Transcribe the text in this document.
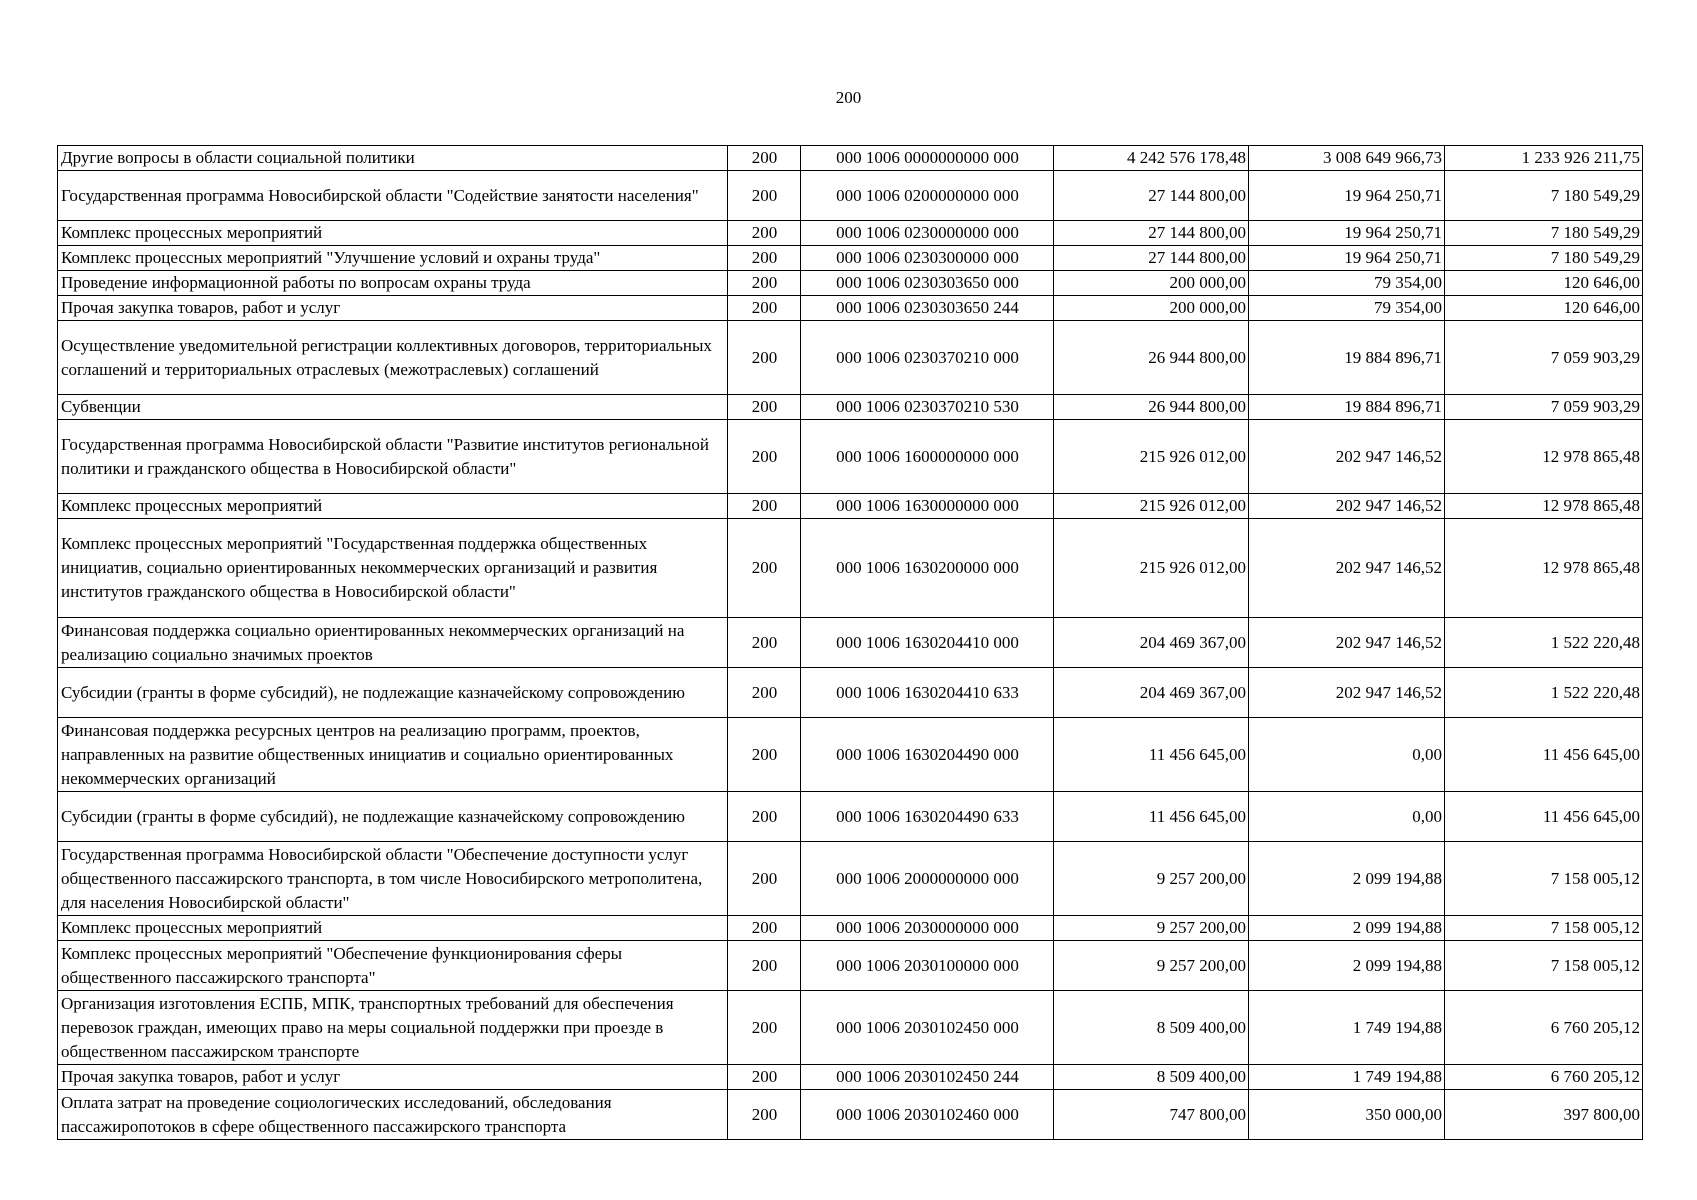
200
Другие вопросы в области социальной политики	200	000 1006 0000000000 000	4 242 576 178,48	3 008 649 966,73	1 233 926 211,75
Государственная программа Новосибирской области "Содействие занятости населения"	200	000 1006 0200000000 000	27 144 800,00	19 964 250,71	7 180 549,29
Комплекс процессных мероприятий	200	000 1006 0230000000 000	27 144 800,00	19 964 250,71	7 180 549,29
Комплекс процессных мероприятий "Улучшение условий и охраны труда"	200	000 1006 0230300000 000	27 144 800,00	19 964 250,71	7 180 549,29
Проведение информационной работы по вопросам охраны труда	200	000 1006 0230303650 000	200 000,00	79 354,00	120 646,00
Прочая закупка товаров, работ и услуг	200	000 1006 0230303650 244	200 000,00	79 354,00	120 646,00
Осуществление уведомительной регистрации коллективных договоров, территориальных соглашений и территориальных отраслевых (межотраслевых) соглашений	200	000 1006 0230370210 000	26 944 800,00	19 884 896,71	7 059 903,29
Субвенции	200	000 1006 0230370210 530	26 944 800,00	19 884 896,71	7 059 903,29
Государственная программа Новосибирской области "Развитие институтов региональной политики и гражданского общества в Новосибирской области"	200	000 1006 1600000000 000	215 926 012,00	202 947 146,52	12 978 865,48
Комплекс процессных мероприятий	200	000 1006 1630000000 000	215 926 012,00	202 947 146,52	12 978 865,48
Комплекс процессных мероприятий "Государственная поддержка общественных инициатив, социально ориентированных некоммерческих организаций и развития институтов гражданского общества в Новосибирской области"	200	000 1006 1630200000 000	215 926 012,00	202 947 146,52	12 978 865,48
Финансовая поддержка социально ориентированных некоммерческих организаций на реализацию социально значимых проектов	200	000 1006 1630204410 000	204 469 367,00	202 947 146,52	1 522 220,48
Субсидии (гранты в форме субсидий), не подлежащие казначейскому сопровождению	200	000 1006 1630204410 633	204 469 367,00	202 947 146,52	1 522 220,48
Финансовая поддержка ресурсных центров на реализацию программ, проектов, направленных на развитие общественных инициатив и социально ориентированных некоммерческих организаций	200	000 1006 1630204490 000	11 456 645,00	0,00	11 456 645,00
Субсидии (гранты в форме субсидий), не подлежащие казначейскому сопровождению	200	000 1006 1630204490 633	11 456 645,00	0,00	11 456 645,00
Государственная программа Новосибирской области "Обеспечение доступности услуг общественного пассажирского транспорта, в том числе Новосибирского метрополитена, для населения Новосибирской области"	200	000 1006 2000000000 000	9 257 200,00	2 099 194,88	7 158 005,12
Комплекс процессных мероприятий	200	000 1006 2030000000 000	9 257 200,00	2 099 194,88	7 158 005,12
Комплекс процессных мероприятий "Обеспечение функционирования сферы общественного пассажирского транспорта"	200	000 1006 2030100000 000	9 257 200,00	2 099 194,88	7 158 005,12
Организация изготовления ЕСПБ, МПК, транспортных требований для обеспечения перевозок граждан, имеющих право на меры социальной поддержки при проезде в общественном пассажирском транспорте	200	000 1006 2030102450 000	8 509 400,00	1 749 194,88	6 760 205,12
Прочая закупка товаров, работ и услуг	200	000 1006 2030102450 244	8 509 400,00	1 749 194,88	6 760 205,12
Оплата затрат на проведение социологических исследований, обследования пассажиропотоков в сфере общественного пассажирского транспорта	200	000 1006 2030102460 000	747 800,00	350 000,00	397 800,00
